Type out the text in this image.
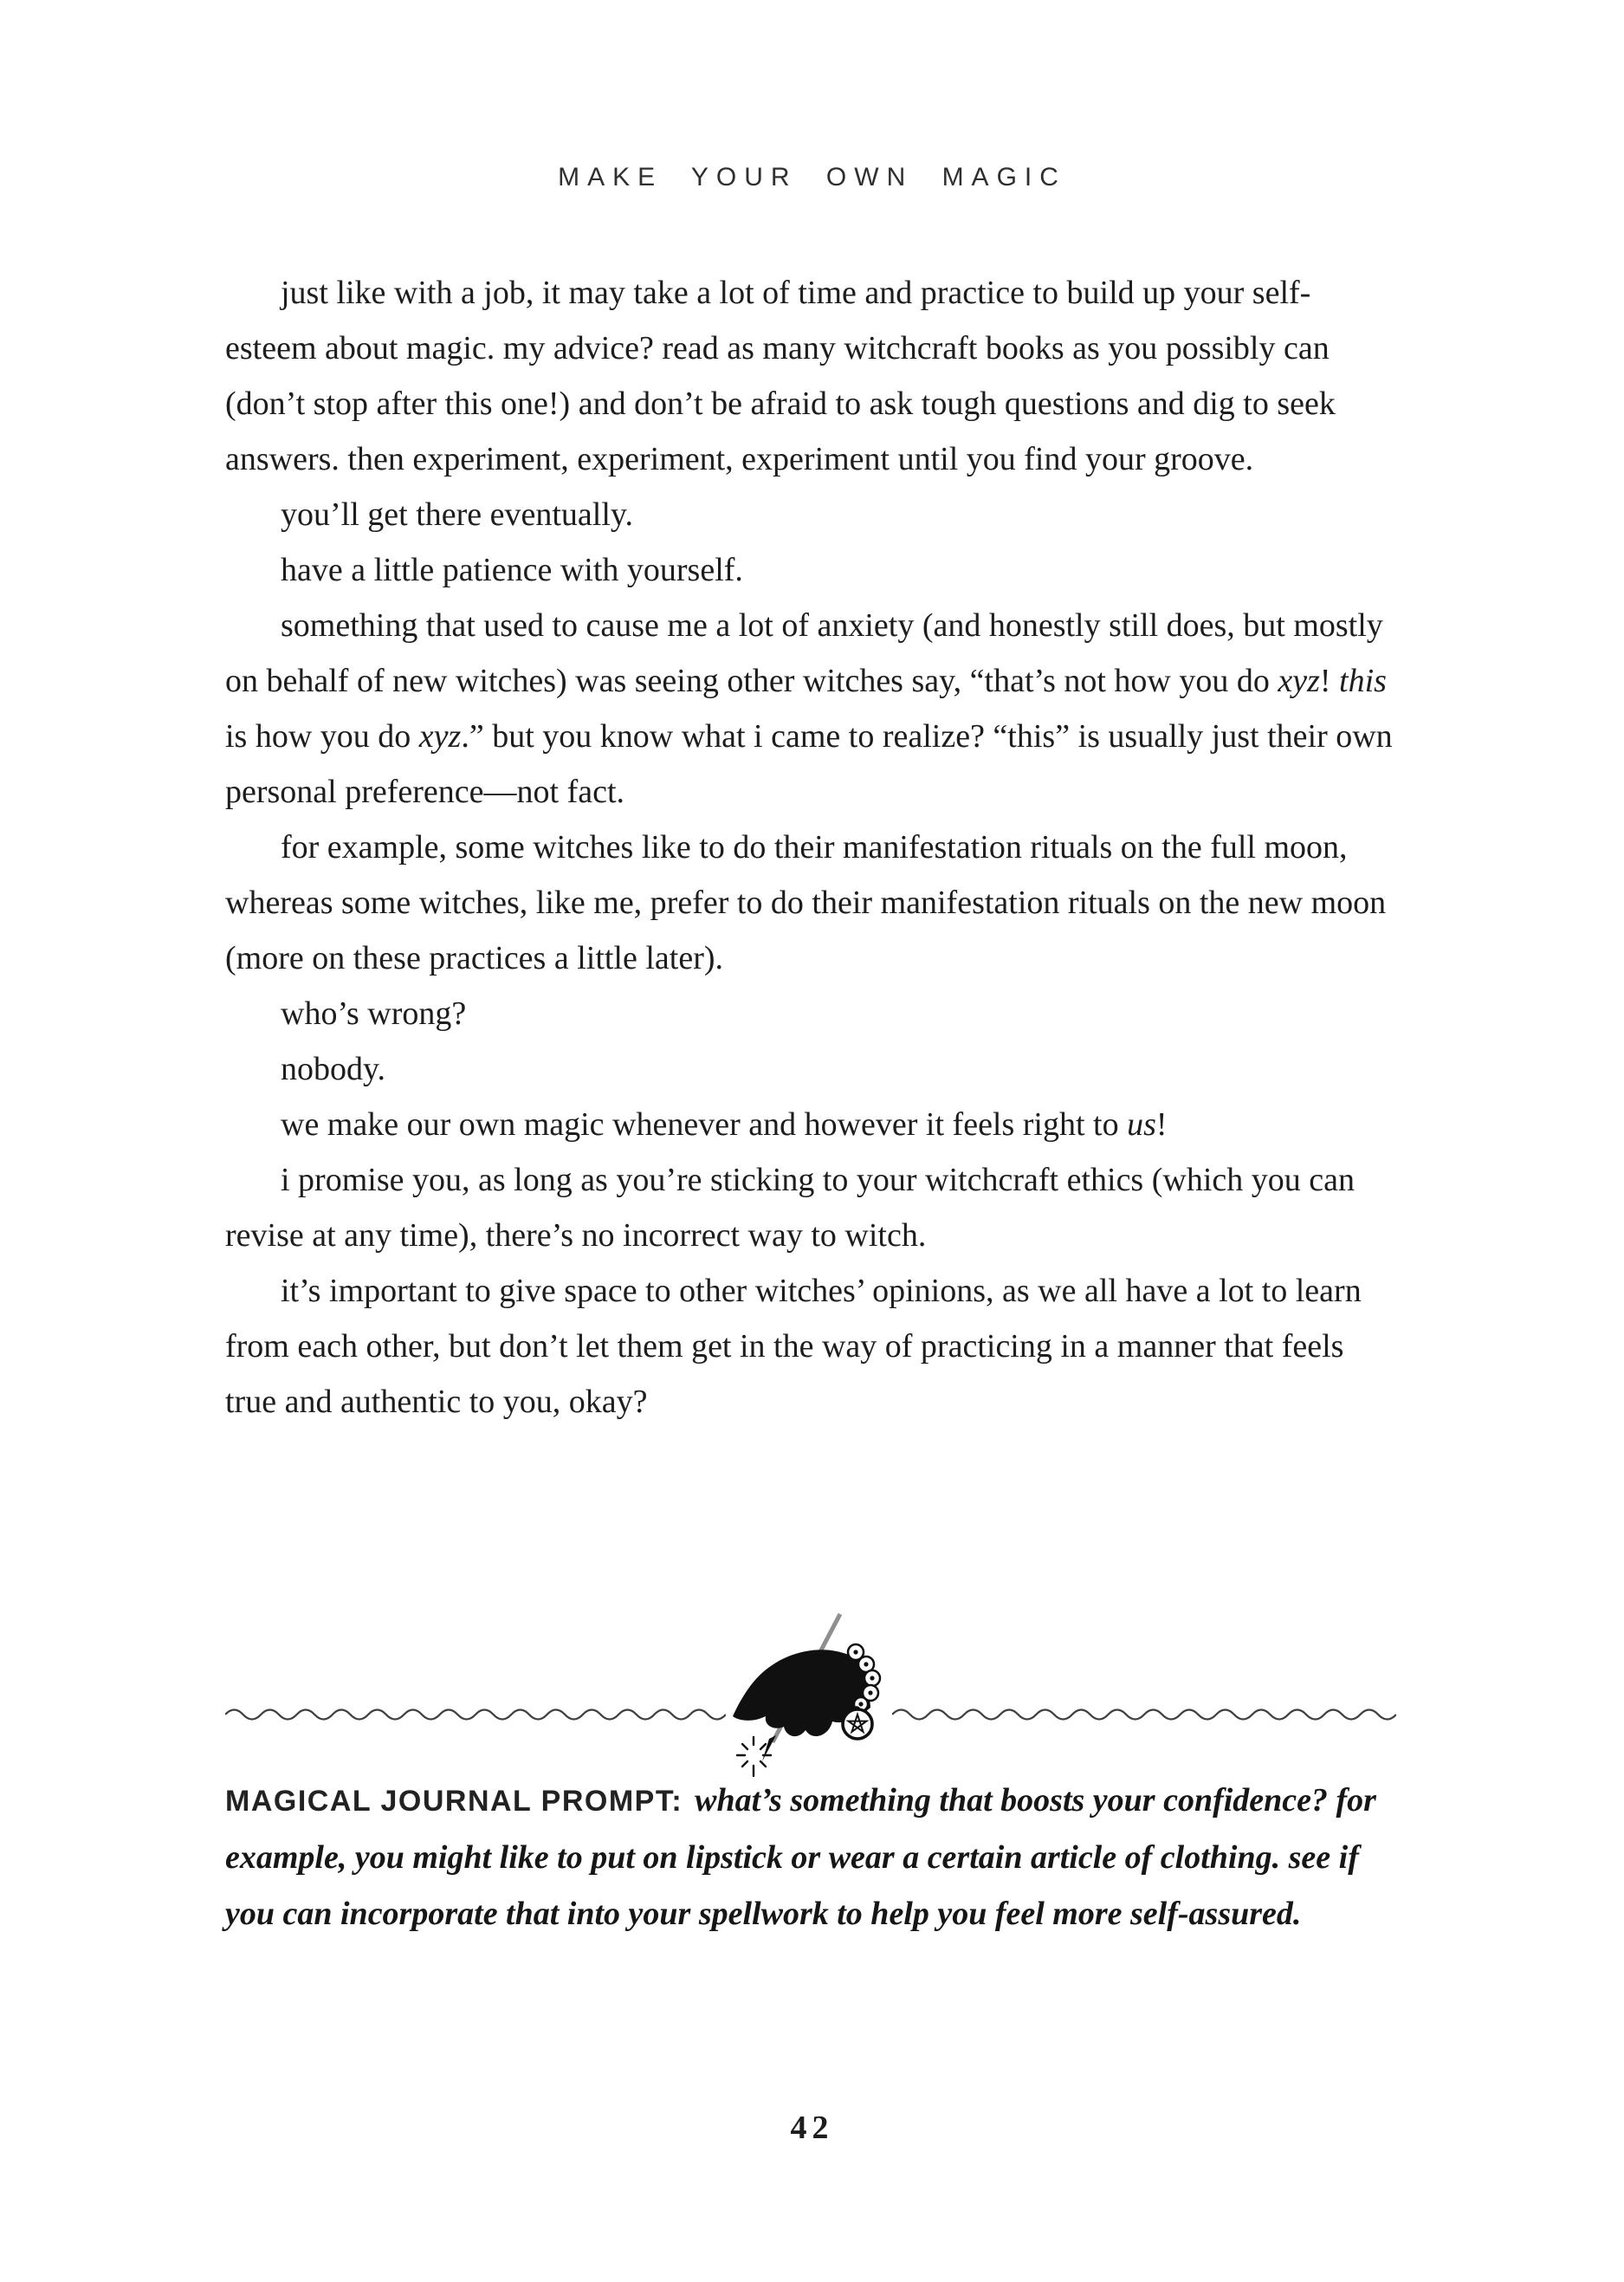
MAKE YOUR OWN MAGIC

just like with a job, it may take a lot of time and practice to build up your self-esteem about magic. my advice? read as many witchcraft books as you possibly can (don’t stop after this one!) and don’t be afraid to ask tough questions and dig to seek answers. then experiment, experiment, experiment until you find your groove.

you’ll get there eventually.

have a little patience with yourself.

something that used to cause me a lot of anxiety (and honestly still does, but mostly on behalf of new witches) was seeing other witches say, “that’s not how you do xyz! this is how you do xyz.” but you know what i came to realize? “this” is usually just their own personal preference—not fact.

for example, some witches like to do their manifestation rituals on the full moon, whereas some witches, like me, prefer to do their manifestation rituals on the new moon (more on these practices a little later).

who’s wrong?

nobody.

we make our own magic whenever and however it feels right to us!

i promise you, as long as you’re sticking to your witchcraft ethics (which you can revise at any time), there’s no incorrect way to witch.

it’s important to give space to other witches’ opinions, as we all have a lot to learn from each other, but don’t let them get in the way of practicing in a manner that feels true and authentic to you, okay?

MAGICAL JOURNAL PROMPT: what’s something that boosts your confidence? for example, you might like to put on lipstick or wear a certain article of clothing. see if you can incorporate that into your spellwork to help you feel more self-assured.

42
